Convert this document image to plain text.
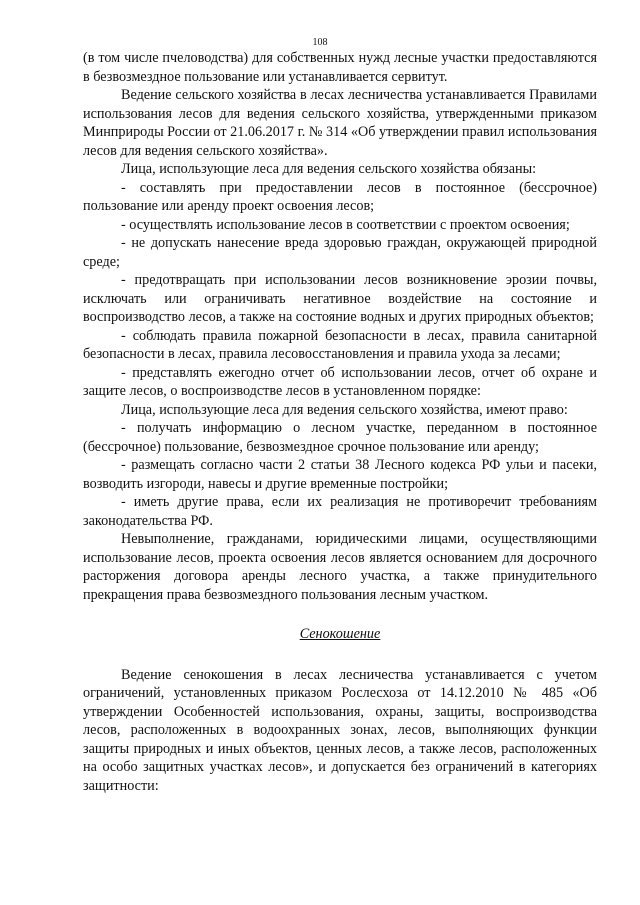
108

(в том числе пчеловодства) для собственных нужд лесные участки предоставляются в безвозмездное пользование или устанавливается сервитут.

Ведение сельского хозяйства в лесах лесничества устанавливается Правилами использования лесов для ведения сельского хозяйства, утвержденными приказом Минприроды России от 21.06.2017 г. № 314 «Об утверждении правил использования лесов для ведения сельского хозяйства».

Лица, использующие леса для ведения сельского хозяйства обязаны:

- составлять при предоставлении лесов в постоянное (бессрочное) пользование или аренду проект освоения лесов;

- осуществлять использование лесов в соответствии с проектом освоения;

- не допускать нанесение вреда здоровью граждан, окружающей природной среде;

- предотвращать при использовании лесов возникновение эрозии почвы, исключать или ограничивать негативное воздействие на состояние и воспроизводство лесов, а также на состояние водных и других природных объектов;

- соблюдать правила пожарной безопасности в лесах, правила санитарной безопасности в лесах, правила лесовосстановления и правила ухода за лесами;

- представлять ежегодно отчет об использовании лесов, отчет об охране и защите лесов, о воспроизводстве лесов в установленном порядке:

Лица, использующие леса для ведения сельского хозяйства, имеют право:

- получать информацию о лесном участке, переданном в постоянное (бессрочное) пользование, безвозмездное срочное пользование или аренду;

- размещать согласно части 2 статьи 38 Лесного кодекса РФ ульи и пасеки, возводить изгороди, навесы и другие временные постройки;

- иметь другие права, если их реализация не противоречит требованиям законодательства РФ.

Невыполнение, гражданами, юридическими лицами, осуществляющими использование лесов, проекта освоения лесов является основанием для досрочного расторжения договора аренды лесного участка, а также принудительного прекращения права безвозмездного пользования лесным участком.

Сенокошение

Ведение сенокошения в лесах лесничества устанавливается с учетом ограничений, установленных приказом Рослесхоза от 14.12.2010 № 485 «Об утверждении Особенностей использования, охраны, защиты, воспроизводства лесов, расположенных в водоохранных зонах, лесов, выполняющих функции защиты природных и иных объектов, ценных лесов, а также лесов, расположенных на особо защитных участках лесов», и допускается без ограничений в категориях защитности:
